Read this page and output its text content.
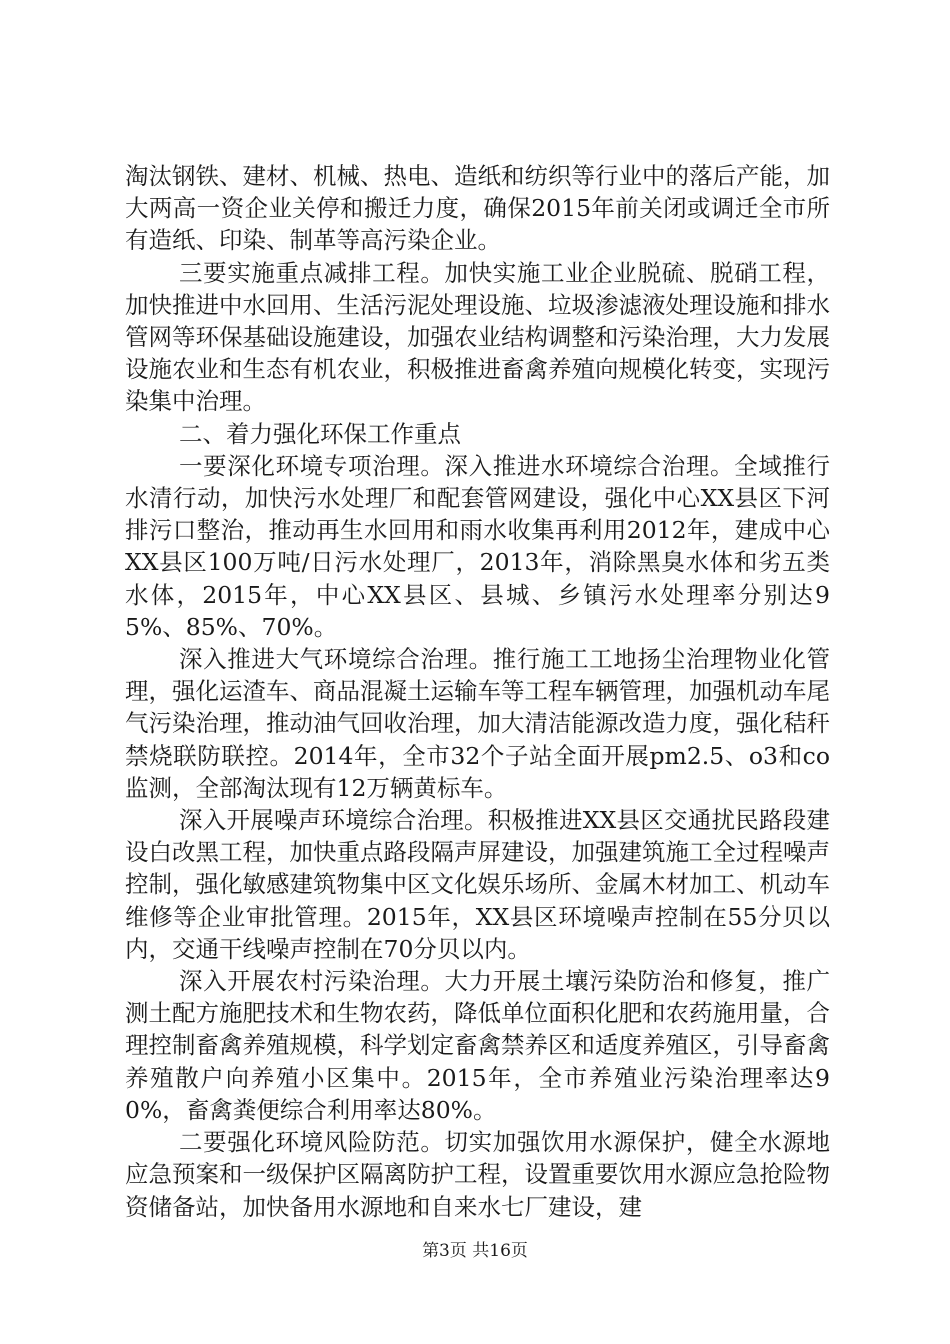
淘汰钢铁、建材、机械、热电、造纸和纺织等行业中的落后产能，加大两高一资企业关停和搬迁力度，确保2015年前关闭或调迁全市所有造纸、印染、制革等高污染企业。

三要实施重点减排工程。加快实施工业企业脱硫、脱硝工程，加快推进中水回用、生活污泥处理设施、垃圾渗滤液处理设施和排水管网等环保基础设施建设，加强农业结构调整和污染治理，大力发展设施农业和生态有机农业，积极推进畜禽养殖向规模化转变，实现污染集中治理。

二、着力强化环保工作重点

一要深化环境专项治理。深入推进水环境综合治理。全域推行水清行动，加快污水处理厂和配套管网建设，强化中心XX县区下河排污口整治，推动再生水回用和雨水收集再利用2012年，建成中心XX县区100万吨/日污水处理厂，2013年，消除黑臭水体和劣五类水体，2015年，中心XX县区、县城、乡镇污水处理率分别达95%、85%、70%。

深入推进大气环境综合治理。推行施工工地扬尘治理物业化管理，强化运渣车、商品混凝土运输车等工程车辆管理，加强机动车尾气污染治理，推动油气回收治理，加大清洁能源改造力度，强化秸秆禁烧联防联控。2014年，全市32个子站全面开展pm2.5、o3和co监测，全部淘汰现有12万辆黄标车。

深入开展噪声环境综合治理。积极推进XX县区交通扰民路段建设白改黑工程，加快重点路段隔声屏建设，加强建筑施工全过程噪声控制，强化敏感建筑物集中区文化娱乐场所、金属木材加工、机动车维修等企业审批管理。2015年，XX县区环境噪声控制在55分贝以内，交通干线噪声控制在70分贝以内。

深入开展农村污染治理。大力开展土壤污染防治和修复，推广测土配方施肥技术和生物农药，降低单位面积化肥和农药施用量，合理控制畜禽养殖规模，科学划定畜禽禁养区和适度养殖区，引导畜禽养殖散户向养殖小区集中。2015年，全市养殖业污染治理率达90%，畜禽粪便综合利用率达80%。

二要强化环境风险防范。切实加强饮用水源保护，健全水源地应急预案和一级保护区隔离防护工程，设置重要饮用水源应急抢险物资储备站，加快备用水源地和自来水七厂建设，建

第3页 共16页
